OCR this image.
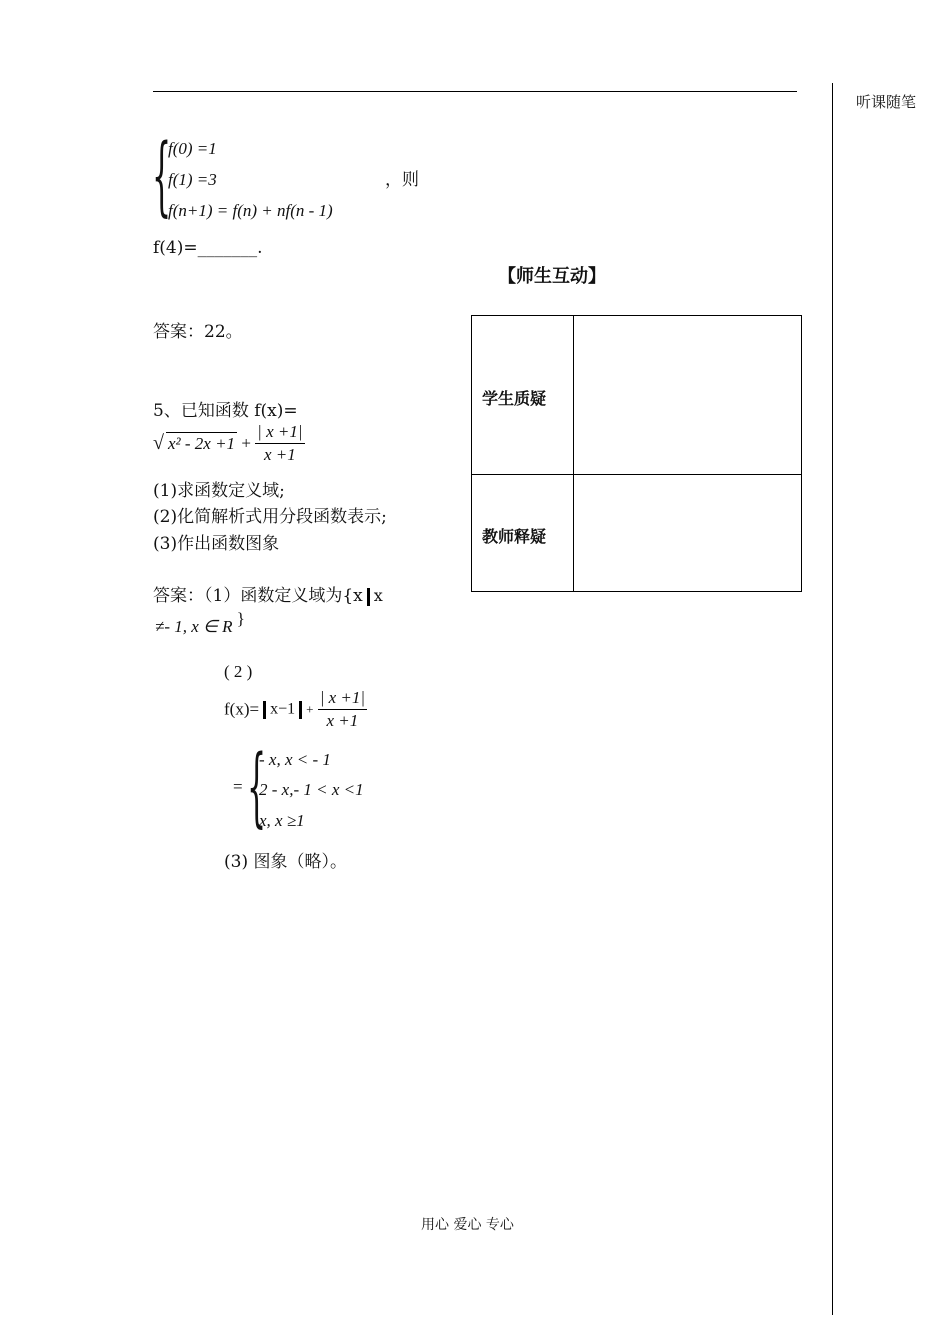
听课随笔
{
f(0) =1
f(1) =3
f(n+1) = f(n) + nf(n - 1)
，则
f(4)=_______.
答案：22。
【师生互动】
学生质疑
教师释疑
5、已知函数 f(x)=
√ $x^2 - 2x +1 + \frac{| x +1|}{x +1}$
(1)求函数定义域;
(2)化简解析式用分段函数表示;
(3)作出函数图象
答案：（1）函数定义域为{x x
≠- 1, x ∈ R }
( 2 )
$f(x)= x-1 + \frac{| x +1|}{x +1}$
= {
- x, x < - 1
2 - x,- 1 < x <1
x, x ≥1
(3) 图象（略）。
用心 爱心 专心
